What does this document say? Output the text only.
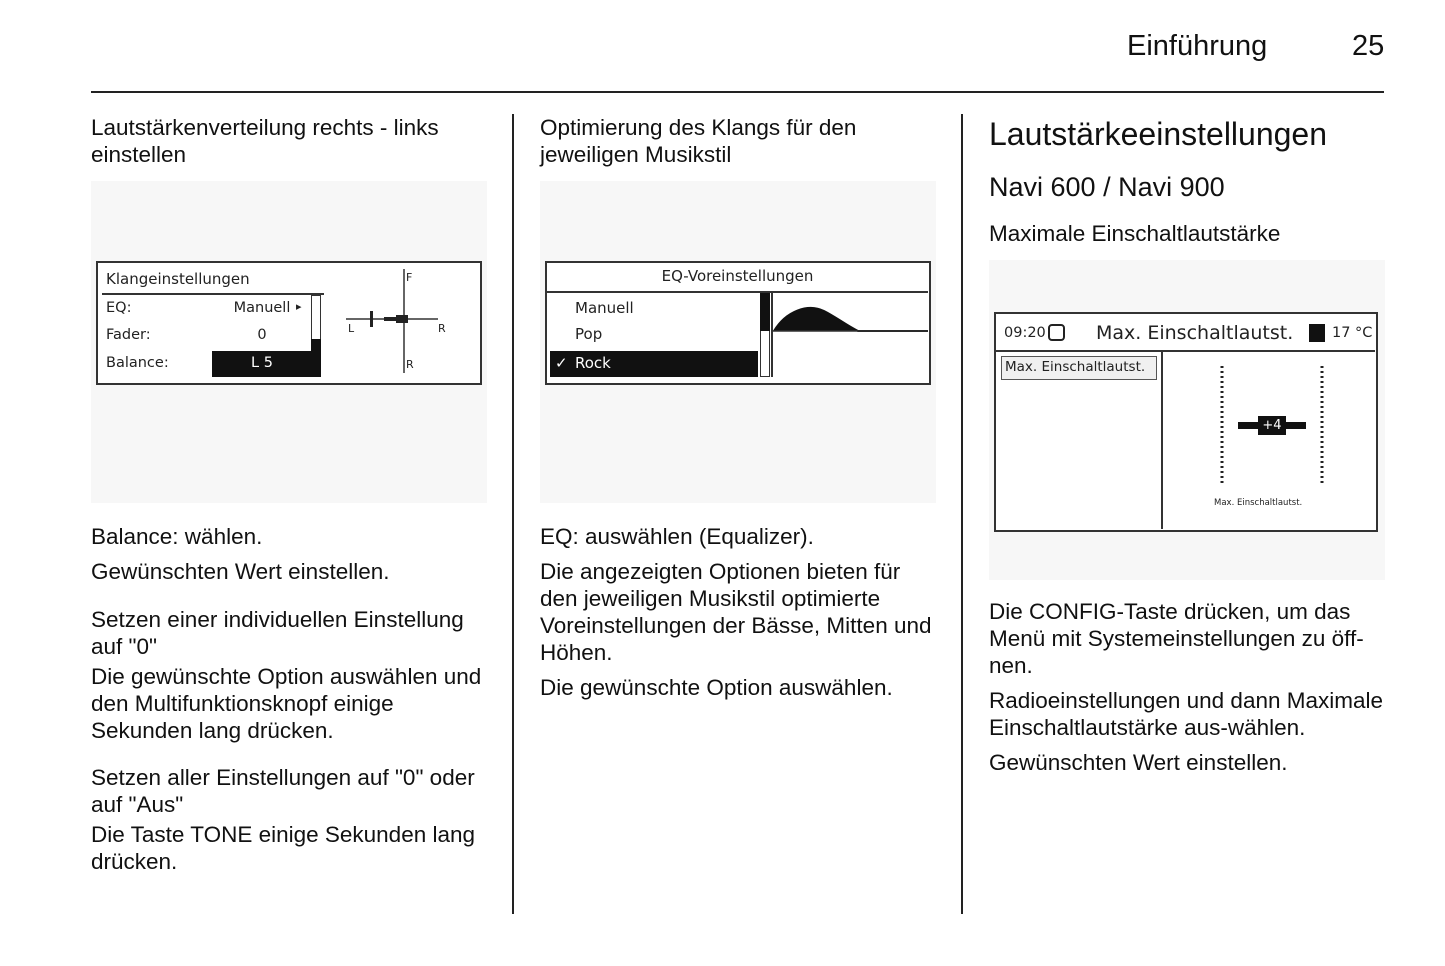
Einführung	25

Lautstärkenverteilung rechts - links einstellen

Klangeinstellungen
EQ:	Manuell ▸
Fader:	0
Balance:	L 5
F
L	R
R

Balance: wählen.

Gewünschten Wert einstellen.

Setzen einer individuellen Einstellung auf "0"

Die gewünschte Option auswählen und den Multifunktionsknopf einige Sekunden lang drücken.

Setzen aller Einstellungen auf "0" oder auf "Aus"

Die Taste TONE einige Sekunden lang drücken.

Optimierung des Klangs für den jeweiligen Musikstil

EQ-Voreinstellungen
Manuell
Pop
✓ Rock

EQ: auswählen (Equalizer).

Die angezeigten Optionen bieten für den jeweiligen Musikstil optimierte Voreinstellungen der Bässe, Mitten und Höhen.

Die gewünschte Option auswählen.

Lautstärkeeinstellungen
Navi 600 / Navi 900

Maximale Einschaltlautstärke

09:20	Max. Einschaltlautst.	17 °C
Max. Einschaltlautst.
+4
Max. Einschaltlautst.

Die CONFIG-Taste drücken, um das Menü mit Systemeinstellungen zu öff-nen.

Radioeinstellungen und dann Maximale Einschaltlautstärke aus-wählen.

Gewünschten Wert einstellen.
